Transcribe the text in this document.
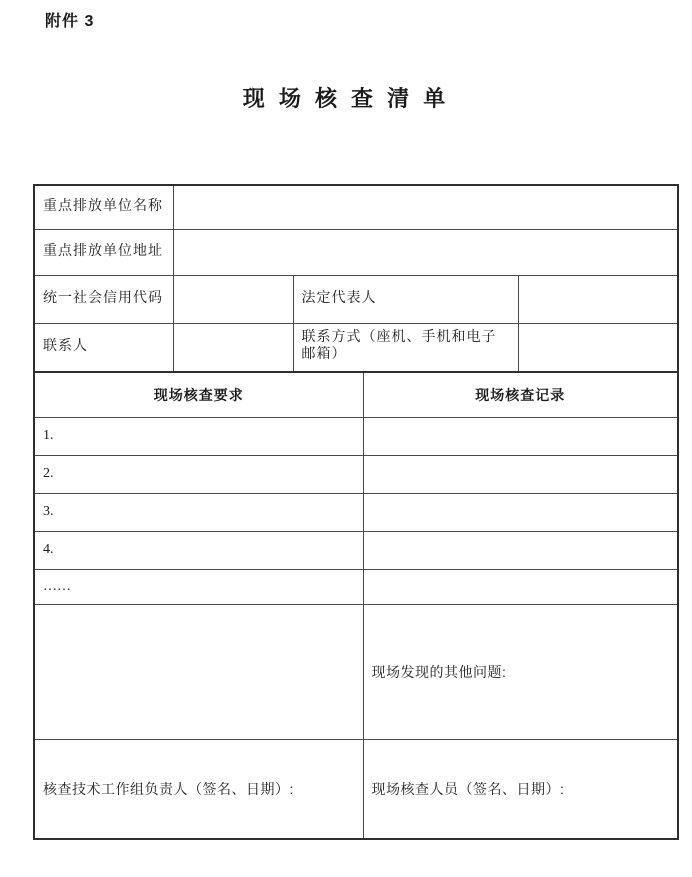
附件 3
现 场 核 查 清 单
重点排放单位名称				
重点排放单位地址				
统一社会信用代码		法定代表人		
联系人		联系方式（座机、手机和电子邮箱）		
现场核查要求			现场核查记录	
1.				
2.				
3.				
4.				
……				
			现场发现的其他问题:	
核查技术工作组负责人（签名、日期）:			现场核查人员（签名、日期）:	
